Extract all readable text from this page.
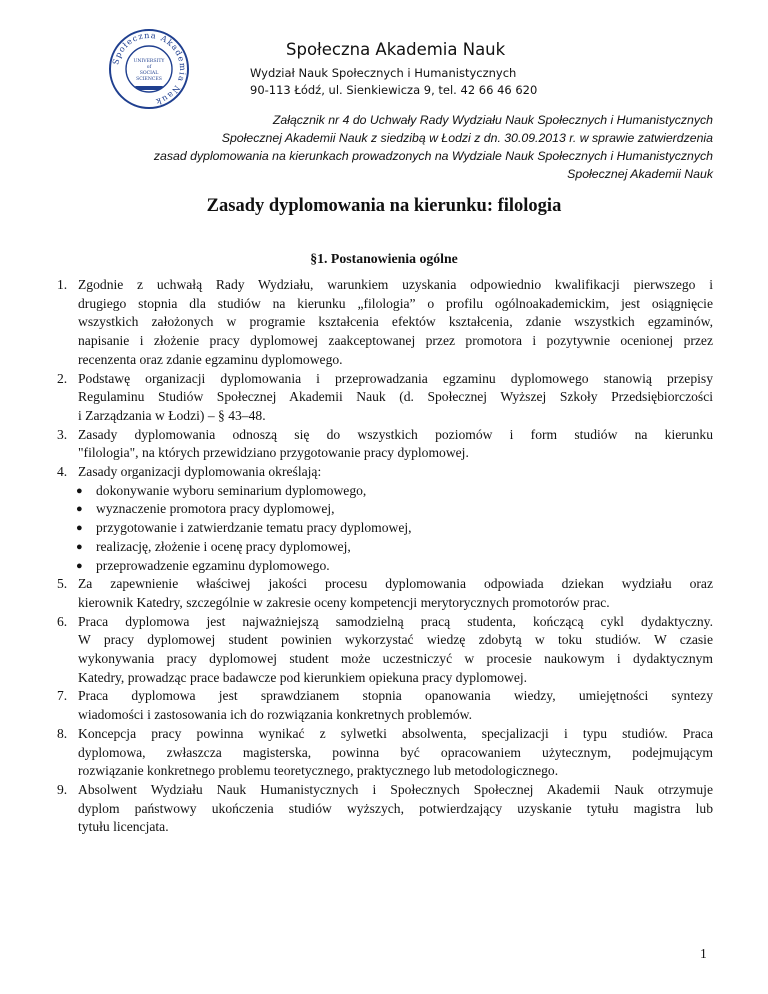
Społeczna Akademia Nauk
UNIVERSITY
of
SOCIAL
SCIENCES
Społeczna Akademia Nauk
Wydział Nauk Społecznych i Humanistycznych
90-113 Łódź, ul. Sienkiewicza 9, tel. 42 66 46 620
Załącznik nr 4 do Uchwały Rady Wydziału Nauk Społecznych i Humanistycznych
Społecznej Akademii Nauk z siedzibą w Łodzi z dn. 30.09.2013 r. w sprawie zatwierdzenia
zasad dyplomowania na kierunkach prowadzonych na Wydziale Nauk Społecznych i Humanistycznych
Społecznej Akademii Nauk
Zasady dyplomowania na kierunku: filologia
§1. Postanowienia ogólne
1. Zgodnie z uchwałą Rady Wydziału, warunkiem uzyskania odpowiednio kwalifikacji pierwszego i
drugiego stopnia dla studiów na kierunku „filologia” o profilu ogólnoakademickim, jest osiągnięcie
wszystkich założonych w programie kształcenia efektów kształcenia, zdanie wszystkich egzaminów,
napisanie i złożenie pracy dyplomowej zaakceptowanej przez promotora i pozytywnie ocenionej przez
recenzenta oraz zdanie egzaminu dyplomowego.
2. Podstawę organizacji dyplomowania i przeprowadzania egzaminu dyplomowego stanowią przepisy
Regulaminu Studiów Społecznej Akademii Nauk (d. Społecznej Wyższej Szkoły Przedsiębiorczości
i Zarządzania w Łodzi) – § 43–48.
3. Zasady dyplomowania odnoszą się do wszystkich poziomów i form studiów na kierunku
"filologia", na których przewidziano przygotowanie pracy dyplomowej.
4. Zasady organizacji dyplomowania określają:
● dokonywanie wyboru seminarium dyplomowego,
● wyznaczenie promotora pracy dyplomowej,
● przygotowanie i zatwierdzanie tematu pracy dyplomowej,
● realizację, złożenie i ocenę pracy dyplomowej,
● przeprowadzenie egzaminu dyplomowego.
5. Za zapewnienie właściwej jakości procesu dyplomowania odpowiada dziekan wydziału oraz
kierownik Katedry, szczególnie w zakresie oceny kompetencji merytorycznych promotorów prac.
6. Praca dyplomowa jest najważniejszą samodzielną pracą studenta, kończącą cykl dydaktyczny.
W pracy dyplomowej student powinien wykorzystać wiedzę zdobytą w toku studiów. W czasie
wykonywania pracy dyplomowej student może uczestniczyć w procesie naukowym i dydaktycznym
Katedry, prowadząc prace badawcze pod kierunkiem opiekuna pracy dyplomowej.
7. Praca dyplomowa jest sprawdzianem stopnia opanowania wiedzy, umiejętności syntezy
wiadomości i zastosowania ich do rozwiązania konkretnych problemów.
8. Koncepcja pracy powinna wynikać z sylwetki absolwenta, specjalizacji i typu studiów. Praca
dyplomowa, zwłaszcza magisterska, powinna być opracowaniem użytecznym, podejmującym
rozwiązanie konkretnego problemu teoretycznego, praktycznego lub metodologicznego.
9. Absolwent Wydziału Nauk Humanistycznych i Społecznych Społecznej Akademii Nauk otrzymuje
dyplom państwowy ukończenia studiów wyższych, potwierdzający uzyskanie tytułu magistra lub
tytułu licencjata.
1
